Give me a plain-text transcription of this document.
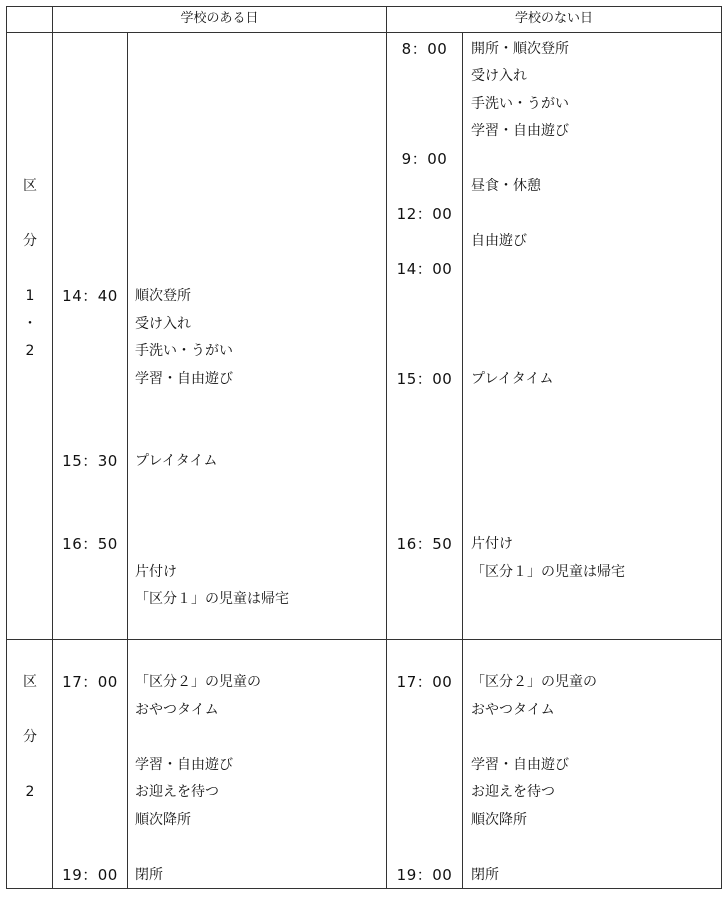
学校のある日	学校のない日
区
分
1
・
2
14：40
15：30
16：50
順次登所
受け入れ
手洗い・うがい
学習・自由遊び
プレイタイム
片付け
「区分１」の児童は帰宅
8：00
9：00
12：00
14：00
15：00
16：50
開所・順次登所
受け入れ
手洗い・うがい
学習・自由遊び
昼食・休憩
自由遊び
プレイタイム
片付け
「区分１」の児童は帰宅
区
分
2
17：00
19：00
「区分２」の児童の
おやつタイム
学習・自由遊び
お迎えを待つ
順次降所
閉所
17：00
19：00
「区分２」の児童の
おやつタイム
学習・自由遊び
お迎えを待つ
順次降所
閉所
